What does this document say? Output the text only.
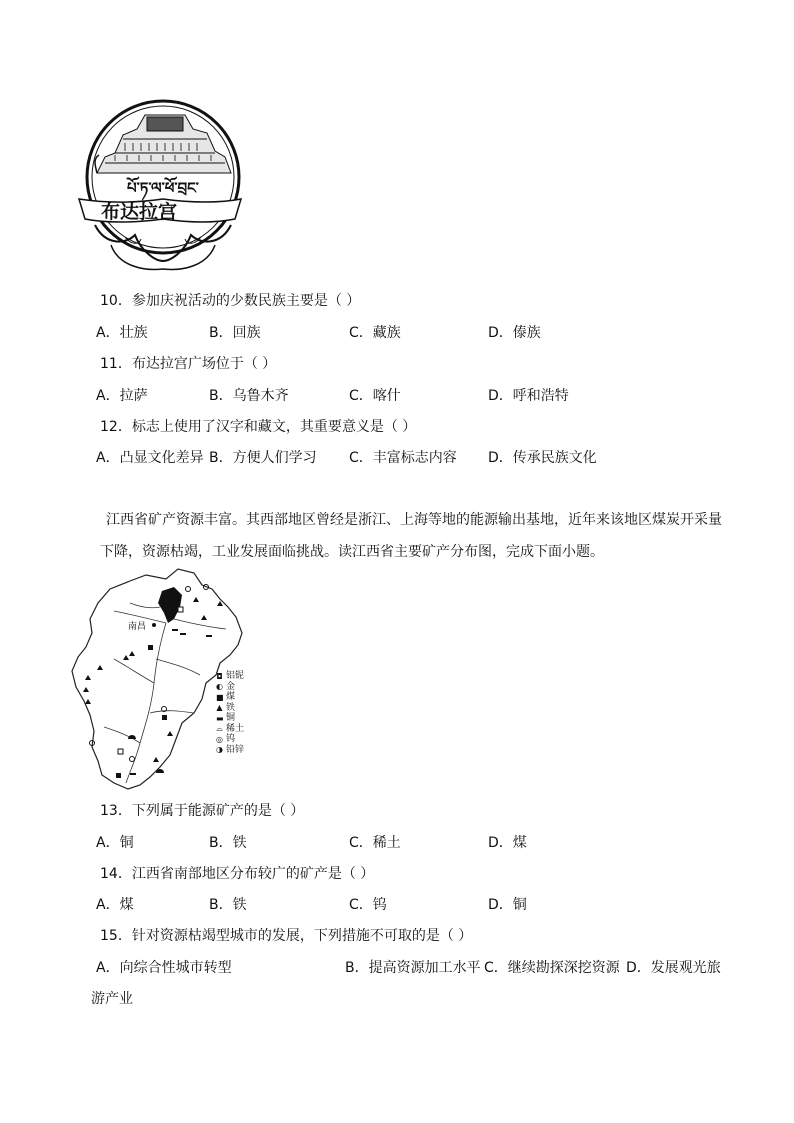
པོ་ཏ་ལ་ཕོ་བྲང་
布达拉宫
10．参加庆祝活动的少数民族主要是（ ）
A．壮族	B．回族	C．藏族	D．傣族
11．布达拉宫广场位于（ ）
A．拉萨	B．乌鲁木齐	C．喀什	D．呼和浩特
12．标志上使用了汉字和藏文，其重要意义是（ ）
A．凸显文化差异 B．方便人们学习 C．丰富标志内容 D．传承民族文化
江西省矿产资源丰富。其西部地区曾经是浙江、上海等地的能源输出基地，近年来该地区煤炭开采量
下降，资源枯竭，工业发展面临挑战。读江西省主要矿产分布图，完成下面小题。
南昌
◘ 铝铌
◐ 金
■ 煤
▲ 铁
▬ 铜
⌓ 稀土
◎ 钨
◑ 铅锌
13．下列属于能源矿产的是（ ）
A．铜	B．铁	C．稀土	D．煤
14．江西省南部地区分布较广的矿产是（ ）
A．煤	B．铁	C．钨	D．铜
15．针对资源枯竭型城市的发展，下列措施不可取的是（ ）
A．向综合性城市转型	B．提高资源加工水平 C．继续勘探深挖资源 D．发展观光旅
游产业
